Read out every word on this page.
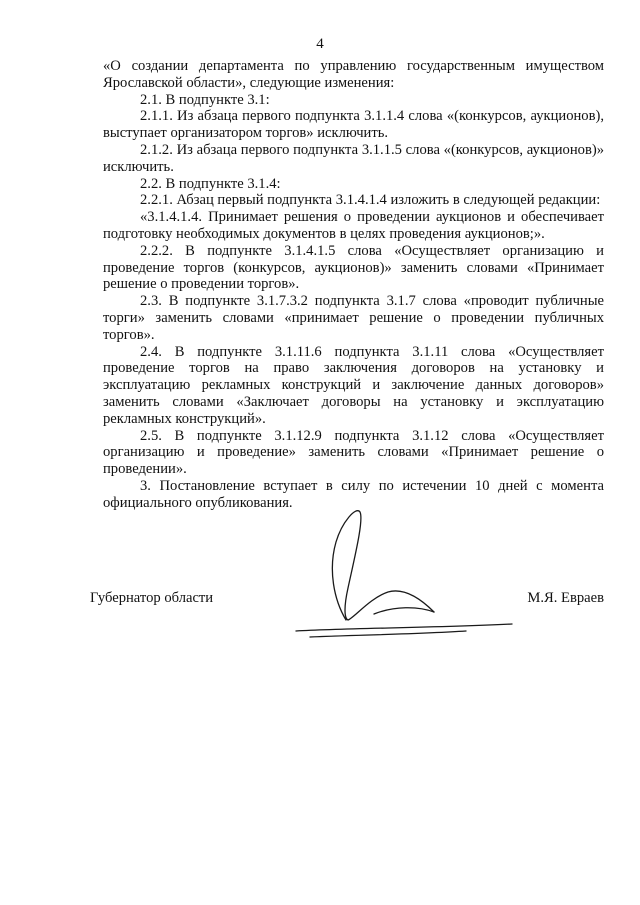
4

«О создании департамента по управлению государственным имуществом Ярославской области», следующие изменения:

2.1. В подпункте 3.1:

2.1.1. Из абзаца первого подпункта 3.1.1.4 слова «(конкурсов, аукционов), выступает организатором торгов» исключить.

2.1.2. Из абзаца первого подпункта 3.1.1.5 слова «(конкурсов, аукционов)» исключить.

2.2. В подпункте 3.1.4:

2.2.1. Абзац первый подпункта 3.1.4.1.4 изложить в следующей редакции:

«3.1.4.1.4. Принимает решения о проведении аукционов и обеспечивает подготовку необходимых документов в целях проведения аукционов;».

2.2.2. В подпункте 3.1.4.1.5 слова «Осуществляет организацию и проведение торгов (конкурсов, аукционов)» заменить словами «Принимает решение о проведении торгов».

2.3. В подпункте 3.1.7.3.2 подпункта 3.1.7 слова «проводит публичные торги» заменить словами «принимает решение о проведении публичных торгов».

2.4. В подпункте 3.1.11.6 подпункта 3.1.11 слова «Осуществляет проведение торгов на право заключения договоров на установку и эксплуатацию рекламных конструкций и заключение данных договоров» заменить словами «Заключает договоры на установку и эксплуатацию рекламных конструкций».

2.5. В подпункте 3.1.12.9 подпункта 3.1.12 слова «Осуществляет организацию и проведение» заменить словами «Принимает решение о проведении».

3. Постановление вступает в силу по истечении 10 дней с момента официального опубликования.

Губернатор области	М.Я. Евраев
